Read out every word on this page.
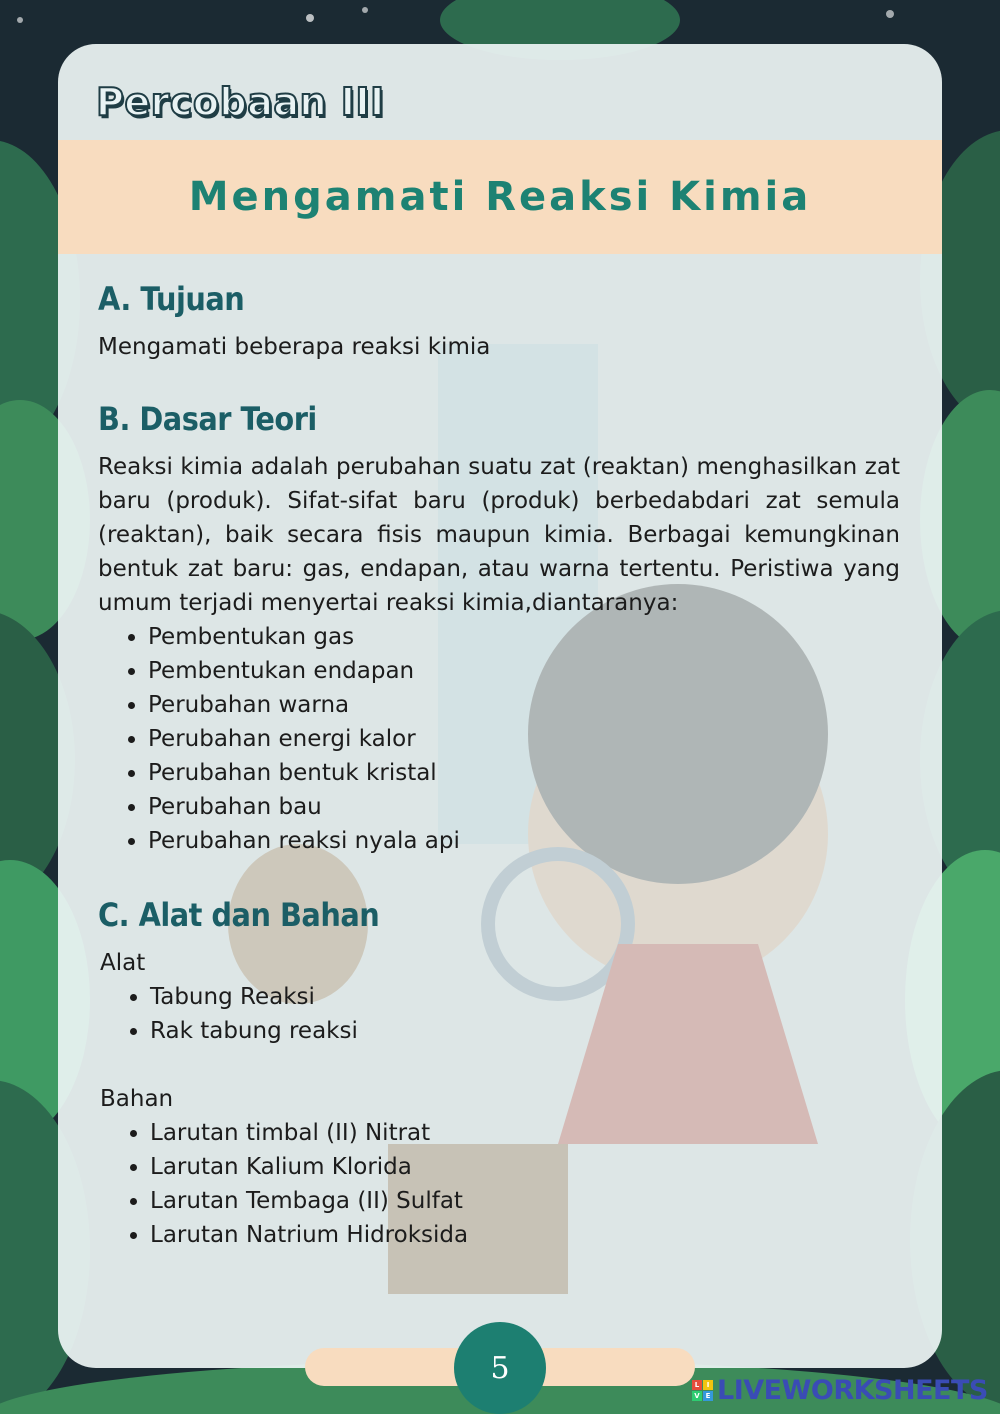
Percobaan III
Mengamati Reaksi Kimia
A. Tujuan
Mengamati beberapa reaksi kimia
B. Dasar Teori
Reaksi kimia adalah perubahan suatu zat (reaktan) menghasilkan zat baru (produk). Sifat-sifat baru (produk) berbedabdari zat semula (reaktan), baik secara fisis maupun kimia. Berbagai kemungkinan bentuk zat baru: gas, endapan, atau warna tertentu. Peristiwa yang umum terjadi menyertai reaksi kimia,diantaranya:
• Pembentukan gas
• Pembentukan endapan
• Perubahan warna
• Perubahan energi kalor
• Perubahan bentuk kristal
• Perubahan bau
• Perubahan reaksi nyala api
C. Alat dan Bahan
Alat
• Tabung Reaksi
• Rak tabung reaksi
Bahan
• Larutan timbal (II) Nitrat
• Larutan Kalium Klorida
• Larutan Tembaga (II) Sulfat
• Larutan Natrium Hidroksida
5	L	I
V E LIVEWORKSHEETS
